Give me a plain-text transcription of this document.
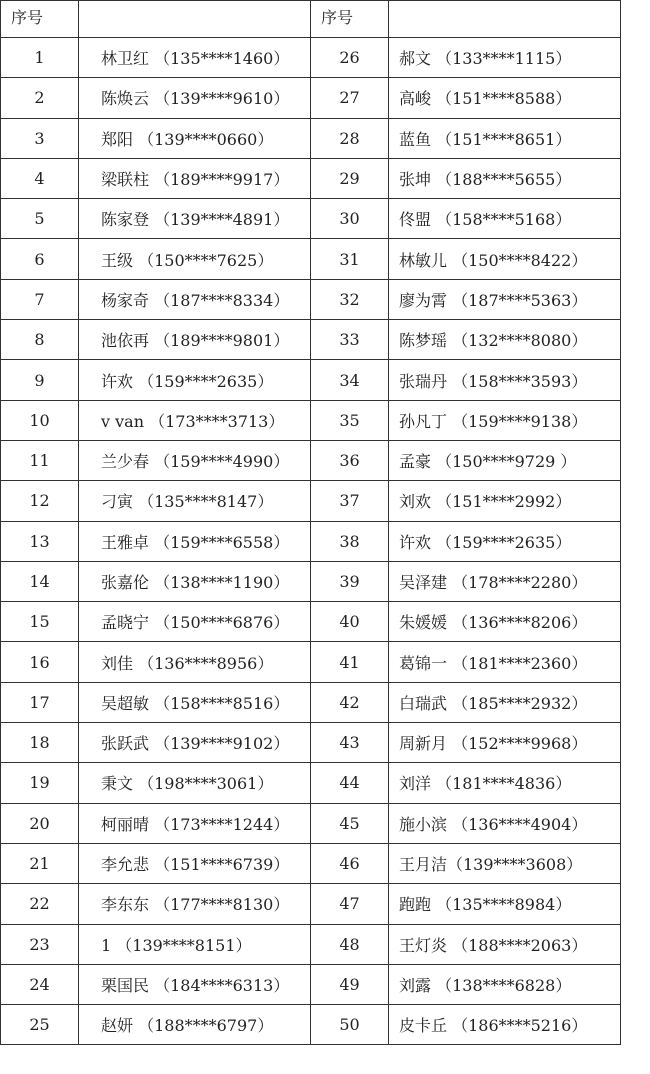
序号		序号	
1	林卫红 （135****1460）	26	郝文 （133****1115）
2	陈焕云 （139****9610）	27	高峻 （151****8588）
3	郑阳 （139****0660）	28	蓝鱼 （151****8651）
4	梁联柱 （189****9917）	29	张坤 （188****5655）
5	陈家登 （139****4891）	30	佟盟 （158****5168）
6	王级 （150****7625）	31	林敏儿 （150****8422）
7	杨家奇 （187****8334）	32	廖为霄 （187****5363）
8	池依再 （189****9801）	33	陈梦瑶 （132****8080）
9	许欢 （159****2635）	34	张瑞丹 （158****3593）
10	v van （173****3713）	35	孙凡丁 （159****9138）
11	兰少春 （159****4990）	36	孟豪 （150****9729 ）
12	刁寅 （135****8147）	37	刘欢 （151****2992）
13	王雅卓 （159****6558）	38	许欢 （159****2635）
14	张嘉伦 （138****1190）	39	吴泽建 （178****2280）
15	孟晓宁 （150****6876）	40	朱媛媛 （136****8206）
16	刘佳 （136****8956）	41	葛锦一 （181****2360）
17	吴超敏 （158****8516）	42	白瑞武 （185****2932）
18	张跃武 （139****9102）	43	周新月 （152****9968）
19	秉文 （198****3061）	44	刘洋 （181****4836）
20	柯丽晴 （173****1244）	45	施小滨 （136****4904）
21	李允悲 （151****6739）	46	王月洁（139****3608）
22	李东东 （177****8130）	47	跑跑 （135****8984）
23	1 （139****8151）	48	王灯炎 （188****2063）
24	栗国民 （184****6313）	49	刘露 （138****6828）
25	赵妍 （188****6797）	50	皮卡丘 （186****5216）
